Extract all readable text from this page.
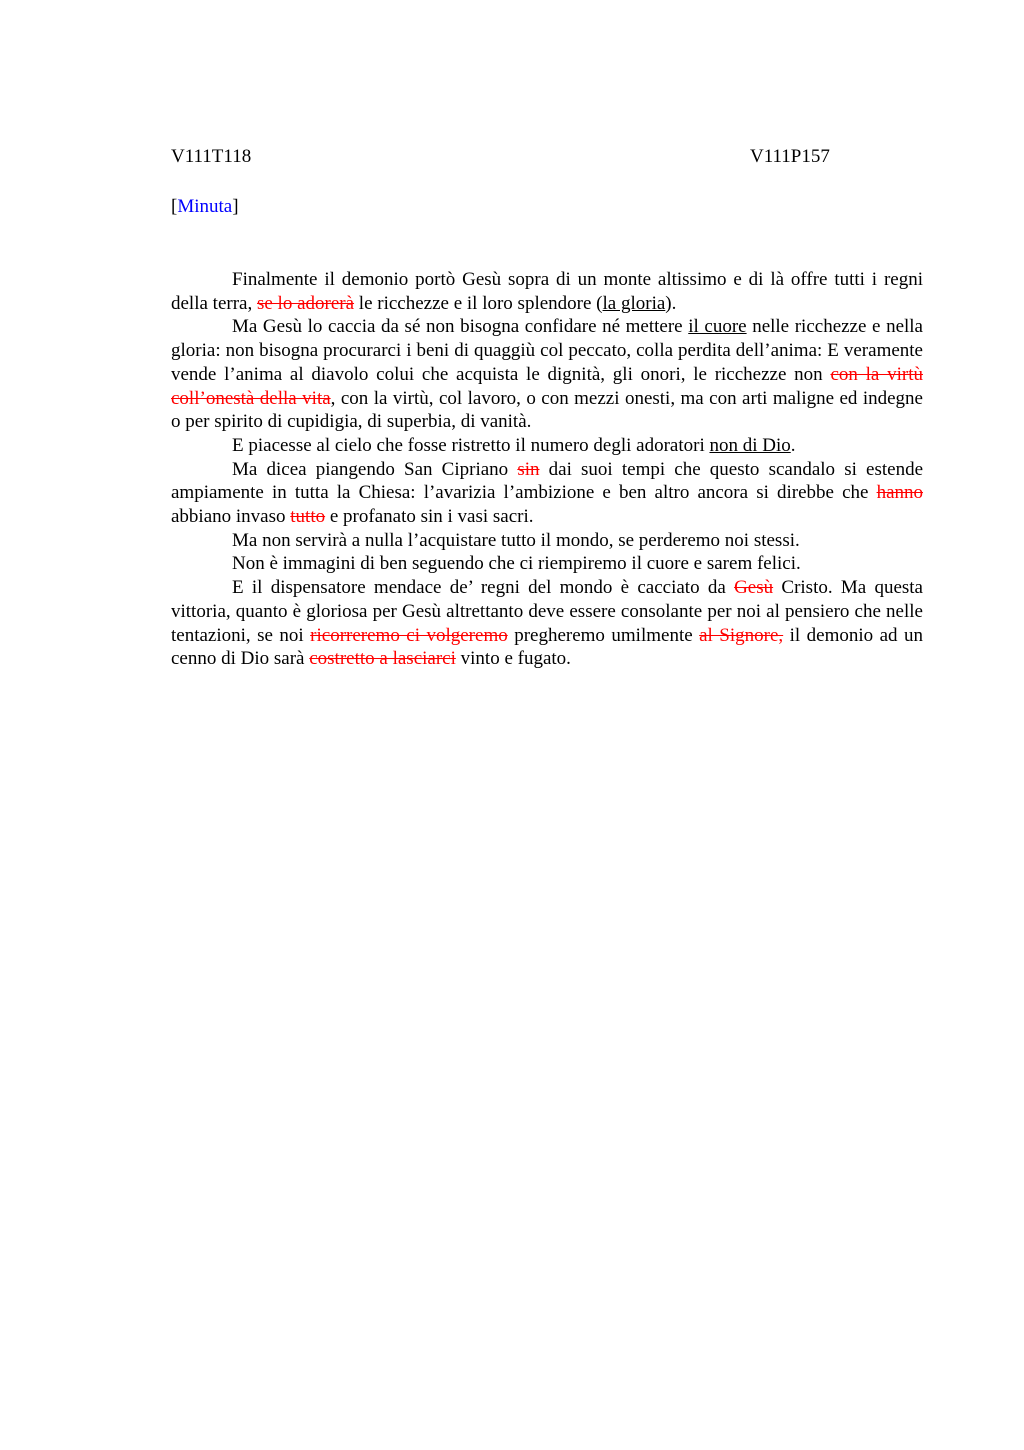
V111T118	V111P157
[Minuta]

Finalmente il demonio portò Gesù sopra di un monte altissimo e di là offre tutti i regni della terra, se lo adorerà le ricchezze e il loro splendore (la gloria).

Ma Gesù lo caccia da sé non bisogna confidare né mettere il cuore nelle ricchezze e nella gloria: non bisogna procurarci i beni di quaggiù col peccato, colla perdita dell’anima: E veramente vende l’anima al diavolo colui che acquista le dignità, gli onori, le ricchezze non con la virtù coll’onestà della vita, con la virtù, col lavoro, o con mezzi onesti, ma con arti maligne ed indegne o per spirito di cupidigia, di superbia, di vanità.

E piacesse al cielo che fosse ristretto il numero degli adoratori non di Dio.

Ma dicea piangendo San Cipriano sin dai suoi tempi che questo scandalo si estende ampiamente in tutta la Chiesa: l’avarizia l’ambizione e ben altro ancora si direbbe che hanno abbiano invaso tutto e profanato sin i vasi sacri.

Ma non servirà a nulla l’acquistare tutto il mondo, se perderemo noi stessi.

Non è immagini di ben seguendo che ci riempiremo il cuore e sarem felici.

E il dispensatore mendace de’ regni del mondo è cacciato da Gesù Cristo. Ma questa vittoria, quanto è gloriosa per Gesù altrettanto deve essere consolante per noi al pensiero che nelle tentazioni, se noi ricorreremo ci volgeremo pregheremo umilmente al Signore, il demonio ad un cenno di Dio sarà costretto a lasciarci vinto e fugato.
